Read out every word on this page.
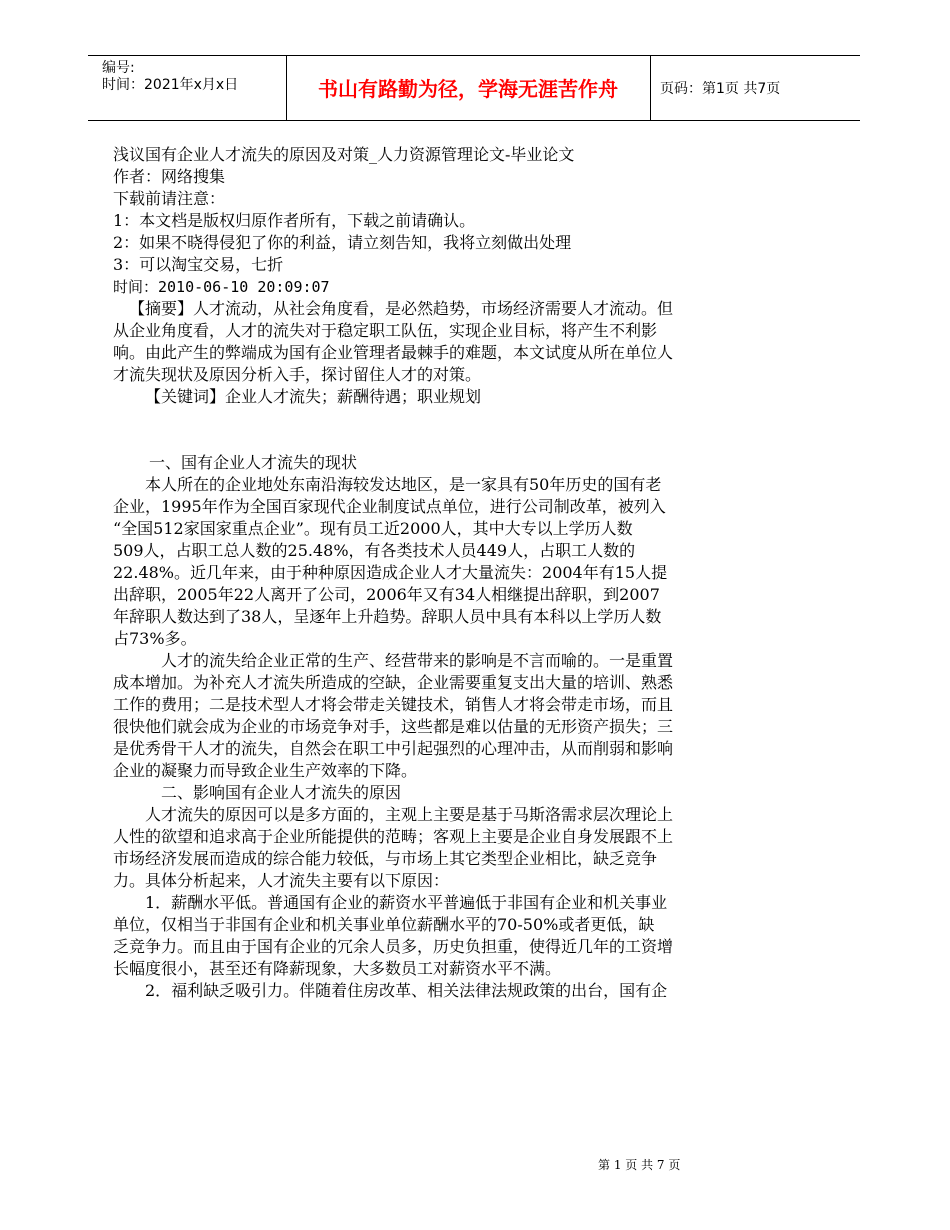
编号:
时间：2021年x月x日	书山有路勤为径，学海无涯苦作舟	页码：第1页 共7页

浅议国有企业人才流失的原因及对策_人力资源管理论文-毕业论文

作者：网络搜集

下载前请注意：

1：本文档是版权归原作者所有，下载之前请确认。

2：如果不晓得侵犯了你的利益，请立刻告知，我将立刻做出处理

3：可以淘宝交易，七折

时间：2010-06-10 20:09:07

【摘要】人才流动，从社会角度看，是必然趋势，市场经济需要人才流动。但

从企业角度看，人才的流失对于稳定职工队伍，实现企业目标，将产生不利影

响。由此产生的弊端成为国有企业管理者最棘手的难题，本文试度从所在单位人

才流失现状及原因分析入手，探讨留住人才的对策。

【关键词】企业人才流失；薪酬待遇；职业规划

一、国有企业人才流失的现状

本人所在的企业地处东南沿海较发达地区，是一家具有50年历史的国有老

企业，1995年作为全国百家现代企业制度试点单位，进行公司制改革，被列入

“全国512家国家重点企业”。现有员工近2000人，其中大专以上学历人数

509人，占职工总人数的25.48%，有各类技术人员449人，占职工人数的

22.48%。近几年来，由于种种原因造成企业人才大量流失：2004年有15人提

出辞职，2005年22人离开了公司，2006年又有34人相继提出辞职，到2007

年辞职人数达到了38人，呈逐年上升趋势。辞职人员中具有本科以上学历人数

占73%多。

人才的流失给企业正常的生产、经营带来的影响是不言而喻的。一是重置

成本增加。为补充人才流失所造成的空缺，企业需要重复支出大量的培训、熟悉

工作的费用；二是技术型人才将会带走关键技术，销售人才将会带走市场，而且

很快他们就会成为企业的市场竞争对手，这些都是难以估量的无形资产损失；三

是优秀骨干人才的流失，自然会在职工中引起强烈的心理冲击，从而削弱和影响

企业的凝聚力而导致企业生产效率的下降。

二、影响国有企业人才流失的原因

人才流失的原因可以是多方面的，主观上主要是基于马斯洛需求层次理论上

人性的欲望和追求高于企业所能提供的范畴；客观上主要是企业自身发展跟不上

市场经济发展而造成的综合能力较低，与市场上其它类型企业相比，缺乏竞争

力。具体分析起来，人才流失主要有以下原因：

1．薪酬水平低。普通国有企业的薪资水平普遍低于非国有企业和机关事业

单位，仅相当于非国有企业和机关事业单位薪酬水平的70-50%或者更低，缺

乏竞争力。而且由于国有企业的冗余人员多，历史负担重，使得近几年的工资增

长幅度很小，甚至还有降薪现象，大多数员工对薪资水平不满。

2．福利缺乏吸引力。伴随着住房改革、相关法律法规政策的出台，国有企

第 1 页 共 7 页
